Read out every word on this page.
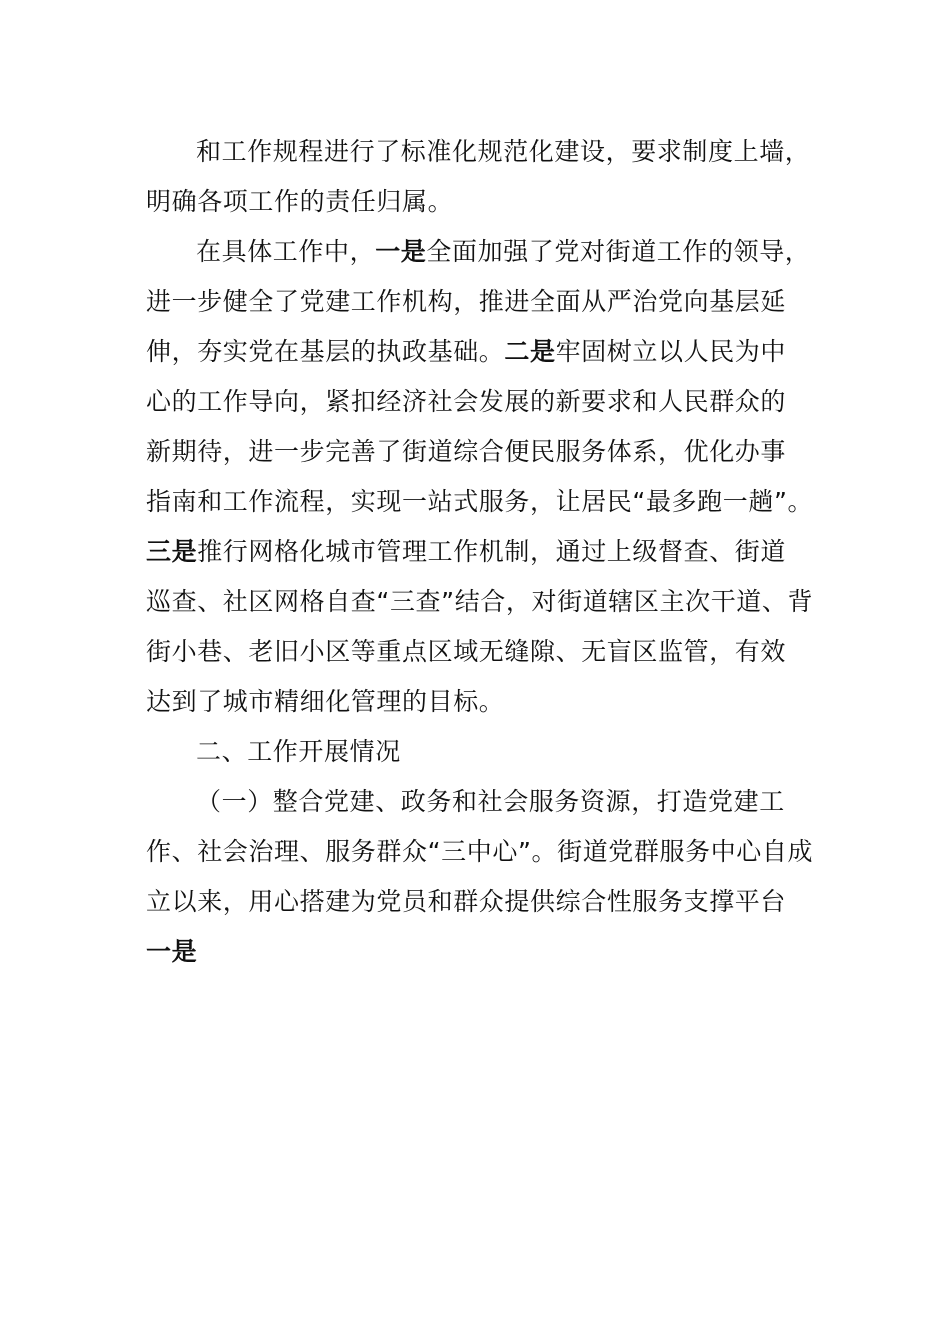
和工作规程进行了标准化规范化建设，要求制度上墙，
明确各项工作的责任归属。
在具体工作中，一是全面加强了党对街道工作的领导，
进一步健全了党建工作机构，推进全面从严治党向基层延
伸，夯实党在基层的执政基础。二是牢固树立以人民为中
心的工作导向，紧扣经济社会发展的新要求和人民群众的
新期待，进一步完善了街道综合便民服务体系，优化办事
指南和工作流程，实现一站式服务，让居民“最多跑一趟”。
三是推行网格化城市管理工作机制，通过上级督查、街道
巡查、社区网格自查“三查”结合，对街道辖区主次干道、背
街小巷、老旧小区等重点区域无缝隙、无盲区监管，有效
达到了城市精细化管理的目标。
二、工作开展情况
（一）整合党建、政务和社会服务资源，打造党建工
作、社会治理、服务群众“三中心”。街道党群服务中心自成
立以来，用心搭建为党员和群众提供综合性服务支撑平台
一是
